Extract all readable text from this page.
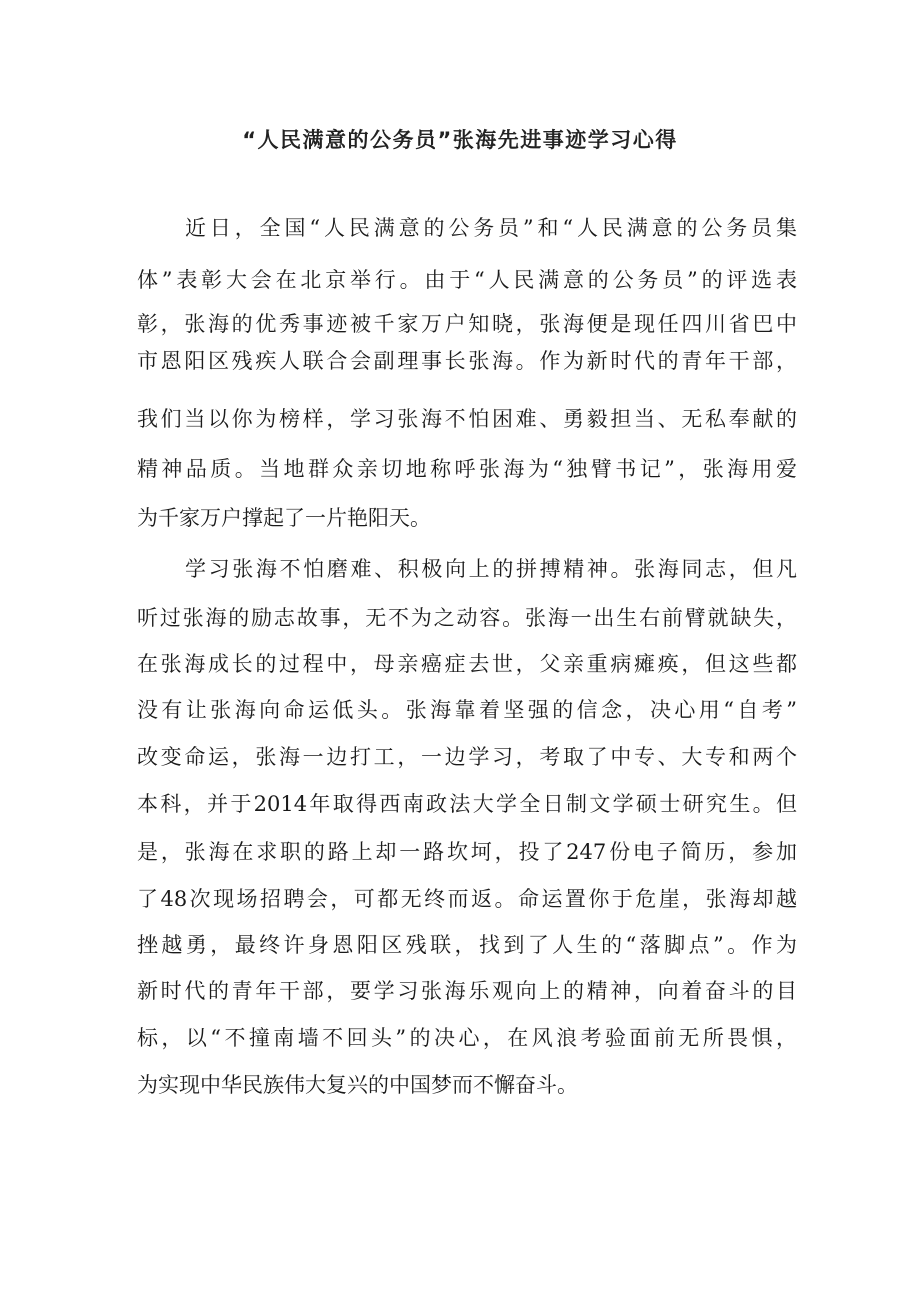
“人民满意的公务员”张海先进事迹学习心得

近日，全国“人民满意的公务员”和“人民满意的公务员集

体”表彰大会在北京举行。由于“人民满意的公务员”的评选表

彰，张海的优秀事迹被千家万户知晓，张海便是现任四川省巴中

市恩阳区残疾人联合会副理事长张海。作为新时代的青年干部，

我们当以你为榜样，学习张海不怕困难、勇毅担当、无私奉献的

精神品质。当地群众亲切地称呼张海为“独臂书记”，张海用爱

为千家万户撑起了一片艳阳天。

学习张海不怕磨难、积极向上的拼搏精神。张海同志，但凡

听过张海的励志故事，无不为之动容。张海一出生右前臂就缺失，

在张海成长的过程中，母亲癌症去世，父亲重病瘫痪，但这些都

没有让张海向命运低头。张海靠着坚强的信念，决心用“自考”

改变命运，张海一边打工，一边学习，考取了中专、大专和两个

本科，并于2014年取得西南政法大学全日制文学硕士研究生。但

是，张海在求职的路上却一路坎坷，投了247份电子简历，参加

了48次现场招聘会，可都无终而返。命运置你于危崖，张海却越

挫越勇，最终许身恩阳区残联，找到了人生的“落脚点”。作为

新时代的青年干部，要学习张海乐观向上的精神，向着奋斗的目

标，以“不撞南墙不回头”的决心，在风浪考验面前无所畏惧，

为实现中华民族伟大复兴的中国梦而不懈奋斗。
